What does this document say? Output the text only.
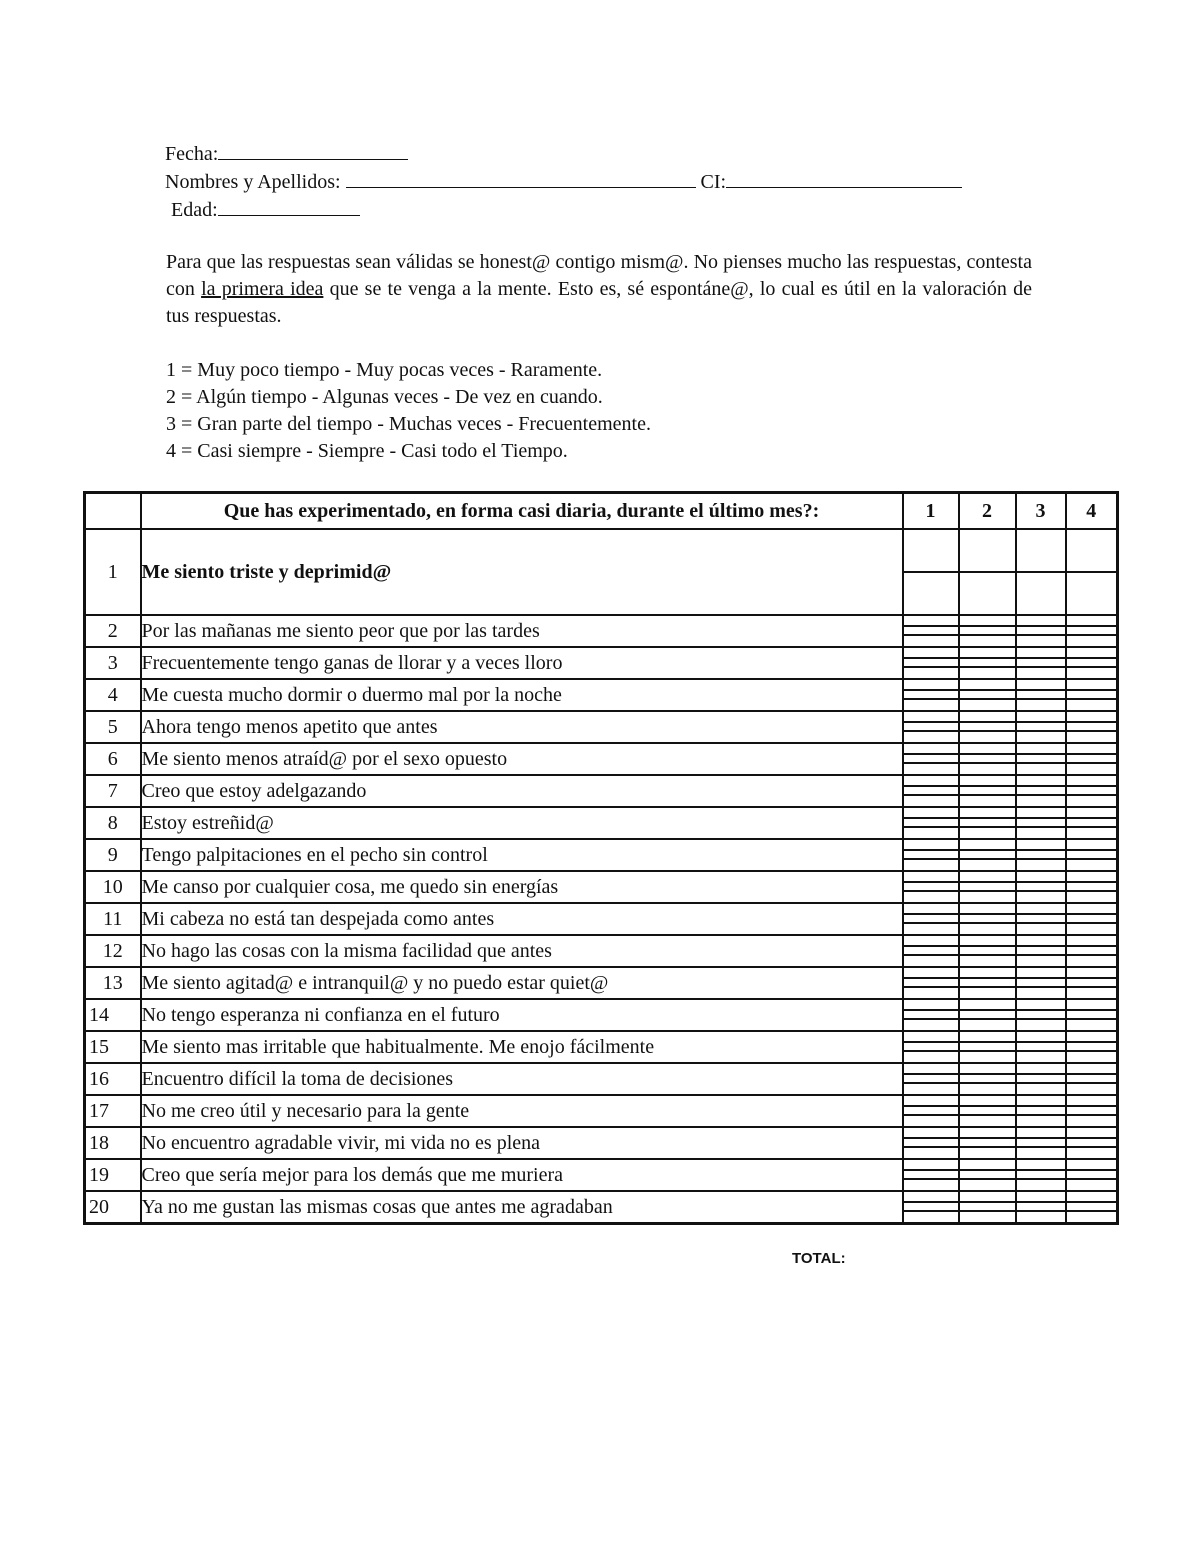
Fecha:
Nombres y Apellidos:	CI:
Edad:
Para que las respuestas sean válidas se honest@ contigo mism@. No pienses mucho las respuestas, contesta con la primera idea que se te venga a la mente. Esto es, sé espontáne@, lo cual es útil en la valoración de tus respuestas.
1 = Muy poco tiempo - Muy pocas veces - Raramente.
2 = Algún tiempo - Algunas veces - De vez en cuando.
3 = Gran parte del tiempo - Muchas veces - Frecuentemente.
4 = Casi siempre - Siempre - Casi todo el Tiempo.
	Que has experimentado, en forma casi diaria, durante el último mes?:	1	2	3	4
1	Me siento triste y deprimid@				
2	Por las mañanas me siento peor que por las tardes				
3	Frecuentemente tengo ganas de llorar y a veces lloro				
4	Me cuesta mucho dormir o duermo mal por la noche				
5	Ahora tengo menos apetito que antes				
6	Me siento menos atraíd@ por el sexo opuesto				
7	Creo que estoy adelgazando				
8	Estoy estreñid@				
9	Tengo palpitaciones en el pecho sin control				
10	Me canso por cualquier cosa, me quedo sin energías				
11	Mi cabeza no está tan despejada como antes				
12	No hago las cosas con la misma facilidad que antes				
13	Me siento agitad@ e intranquil@ y no puedo estar quiet@				
14	No tengo esperanza ni confianza en el futuro				
15	Me siento mas irritable que habitualmente. Me enojo fácilmente				
16	Encuentro difícil la toma de decisiones				
17	No me creo útil y necesario para la gente				
18	No encuentro agradable vivir, mi vida no es plena				
19	Creo que sería mejor para los demás que me muriera				
20	Ya no me gustan las mismas cosas que antes me agradaban				
TOTAL:
